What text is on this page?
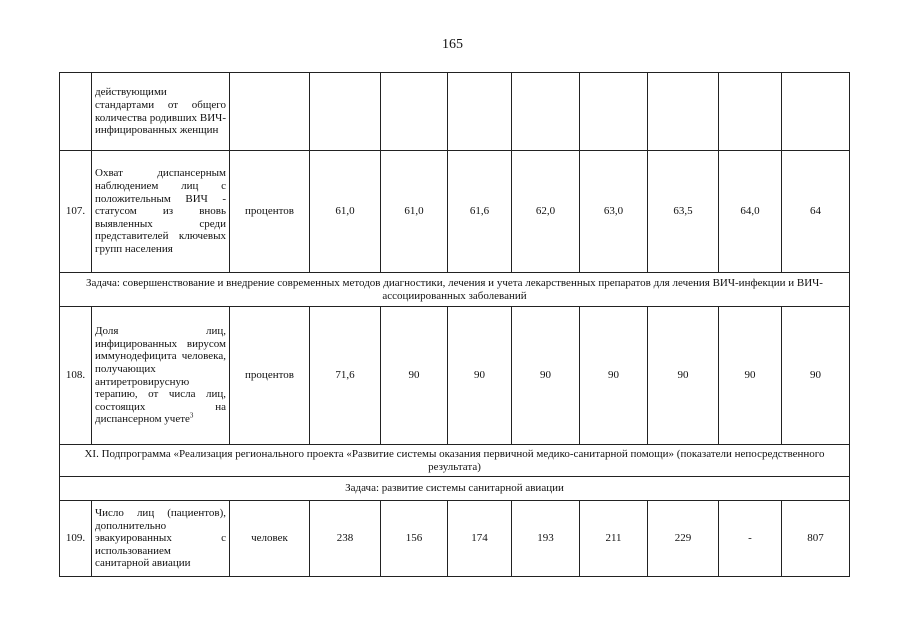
165
	действующими стандартами от общего количества родивших ВИЧ-инфицированных женщин									
107.	Охват диспансерным наблюдением лиц с положительным ВИЧ - статусом из вновь выявленных среди представителей ключевых групп населения	процентов	61,0	61,0	61,6	62,0	63,0	63,5	64,0	64
Задача: совершенствование и внедрение современных методов диагностики, лечения и учета лекарственных препаратов для лечения ВИЧ-инфекции и ВИЧ-ассоциированных заболеваний										
108.	Доля лиц, инфицированных вирусом иммунодефицита человека, получающих антиретровирусную терапию, от числа лиц, состоящих на диспансерном учете$^3$	процентов	71,6	90	90	90	90	90	90	90
XI. Подпрограмма «Реализация регионального проекта «Развитие системы оказания первичной медико-санитарной помощи» (показатели непосредственного результата)										
Задача: развитие системы санитарной авиации										
109.	Число лиц (пациентов), дополнительно эвакуированных с использованием санитарной авиации	человек	238	156	174	193	211	229	-	807
